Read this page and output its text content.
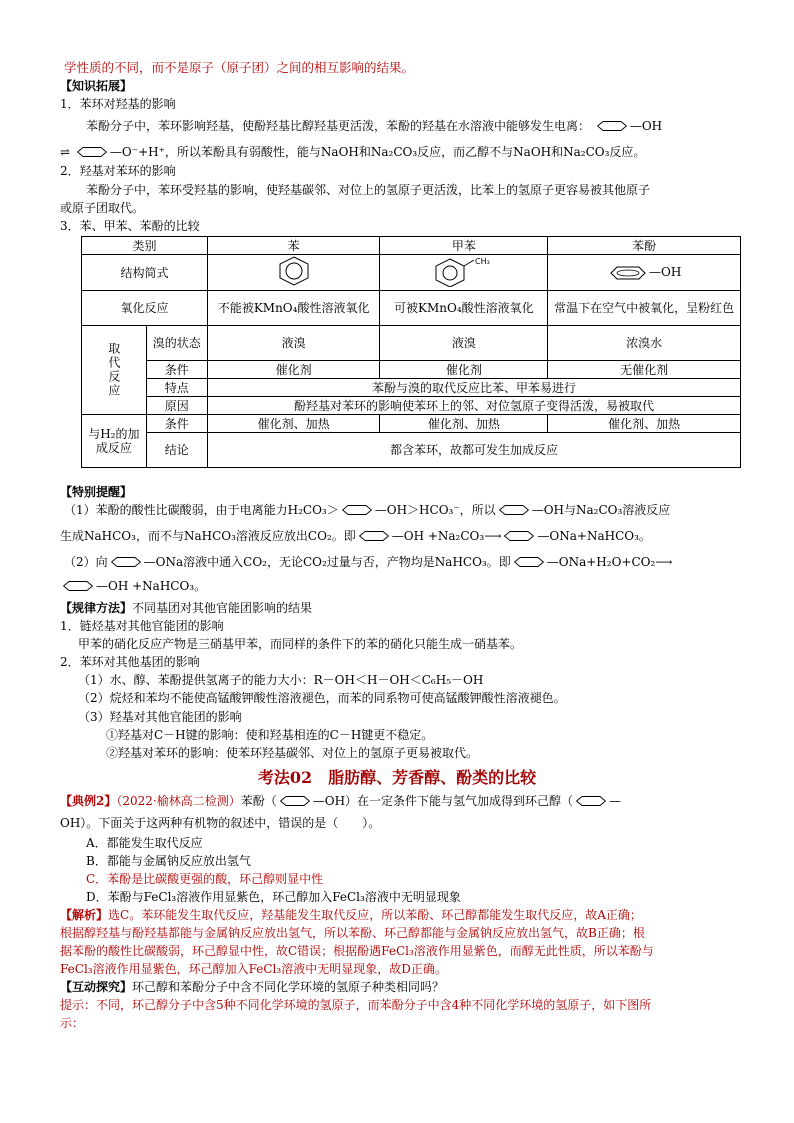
学性质的不同，而不是原子（原子团）之间的相互影响的结果。
【知识拓展】
1．苯环对羟基的影响
苯酚分子中，苯环影响羟基，使酚羟基比醇羟基更活泼，苯酚的羟基在水溶液中能够发生电离：	—OH
⇌	—O⁻+H⁺，所以苯酚具有弱酸性，能与NaOH和Na₂CO₃反应，而乙醇不与NaOH和Na₂CO₃反应。
2．羟基对苯环的影响
苯酚分子中，苯环受羟基的影响，使羟基碳邻、对位上的氢原子更活泼，比苯上的氢原子更容易被其他原子
或原子团取代。
3．苯、甲苯、苯酚的比较
类别		苯	甲苯	苯酚
结构简式			CH₃	—OH
氧化反应		不能被KMnO₄酸性溶液氧化	可被KMnO₄酸性溶液氧化	常温下在空气中被氧化，呈粉红色
取代反应	溴的状态	液溴	液溴	浓溴水
	条件	催化剂	催化剂	无催化剂
	特点	苯酚与溴的取代反应比苯、甲苯易进行		
	原因	酚羟基对苯环的影响使苯环上的邻、对位氢原子变得活泼，易被取代		
与H₂的加成反应	条件	催化剂、加热	催化剂、加热	催化剂、加热
	结论	都含苯环，故都可发生加成反应		
【特别提醒】
（1）苯酚的酸性比碳酸弱，由于电离能力H₂CO₃＞	—OH＞HCO₃⁻，所以	—OH与Na₂CO₃溶液反应
生成NaHCO₃，而不与NaHCO₃溶液反应放出CO₂。即	—OH +Na₂CO₃⟶	—ONa+NaHCO₃。
（2）向	—ONa溶液中通入CO₂，无论CO₂过量与否，产物均是NaHCO₃。即	—ONa+H₂O+CO₂⟶
—OH +NaHCO₃。
【规律方法】不同基团对其他官能团影响的结果
1．链烃基对其他官能团的影响
甲苯的硝化反应产物是三硝基甲苯，而同样的条件下的苯的硝化只能生成一硝基苯。
2．苯环对其他基团的影响
（1）水、醇、苯酚提供氢离子的能力大小：R－OH＜H－OH＜C₆H₅－OH
（2）烷烃和苯均不能使高锰酸钾酸性溶液褪色，而苯的同系物可使高锰酸钾酸性溶液褪色。
（3）羟基对其他官能团的影响
①羟基对C－H键的影响：使和羟基相连的C－H键更不稳定。
②羟基对苯环的影响：使苯环羟基碳邻、对位上的氢原子更易被取代。
考法02　脂肪醇、芳香醇、酚类的比较
【典例2】（2022·榆林高二检测）苯酚（	—OH）在一定条件下能与氢气加成得到环己醇（	—
OH）。下面关于这两种有机物的叙述中，错误的是（　　）。
A．都能发生取代反应
B．都能与金属钠反应放出氢气
C．苯酚是比碳酸更强的酸，环己醇则显中性
D．苯酚与FeCl₃溶液作用显紫色，环己醇加入FeCl₃溶液中无明显现象
【解析】选C。苯环能发生取代反应，羟基能发生取代反应，所以苯酚、环己醇都能发生取代反应，故A正确；
根据醇羟基与酚羟基都能与金属钠反应放出氢气，所以苯酚、环己醇都能与金属钠反应放出氢气，故B正确；根
据苯酚的酸性比碳酸弱，环己醇显中性，故C错误；根据酚遇FeCl₃溶液作用显紫色，而醇无此性质，所以苯酚与
FeCl₃溶液作用显紫色，环己醇加入FeCl₃溶液中无明显现象，故D正确。
【互动探究】环己醇和苯酚分子中含不同化学环境的氢原子种类相同吗？
提示：不同，环己醇分子中含5种不同化学环境的氢原子，而苯酚分子中含4种不同化学环境的氢原子，如下图所
示：
